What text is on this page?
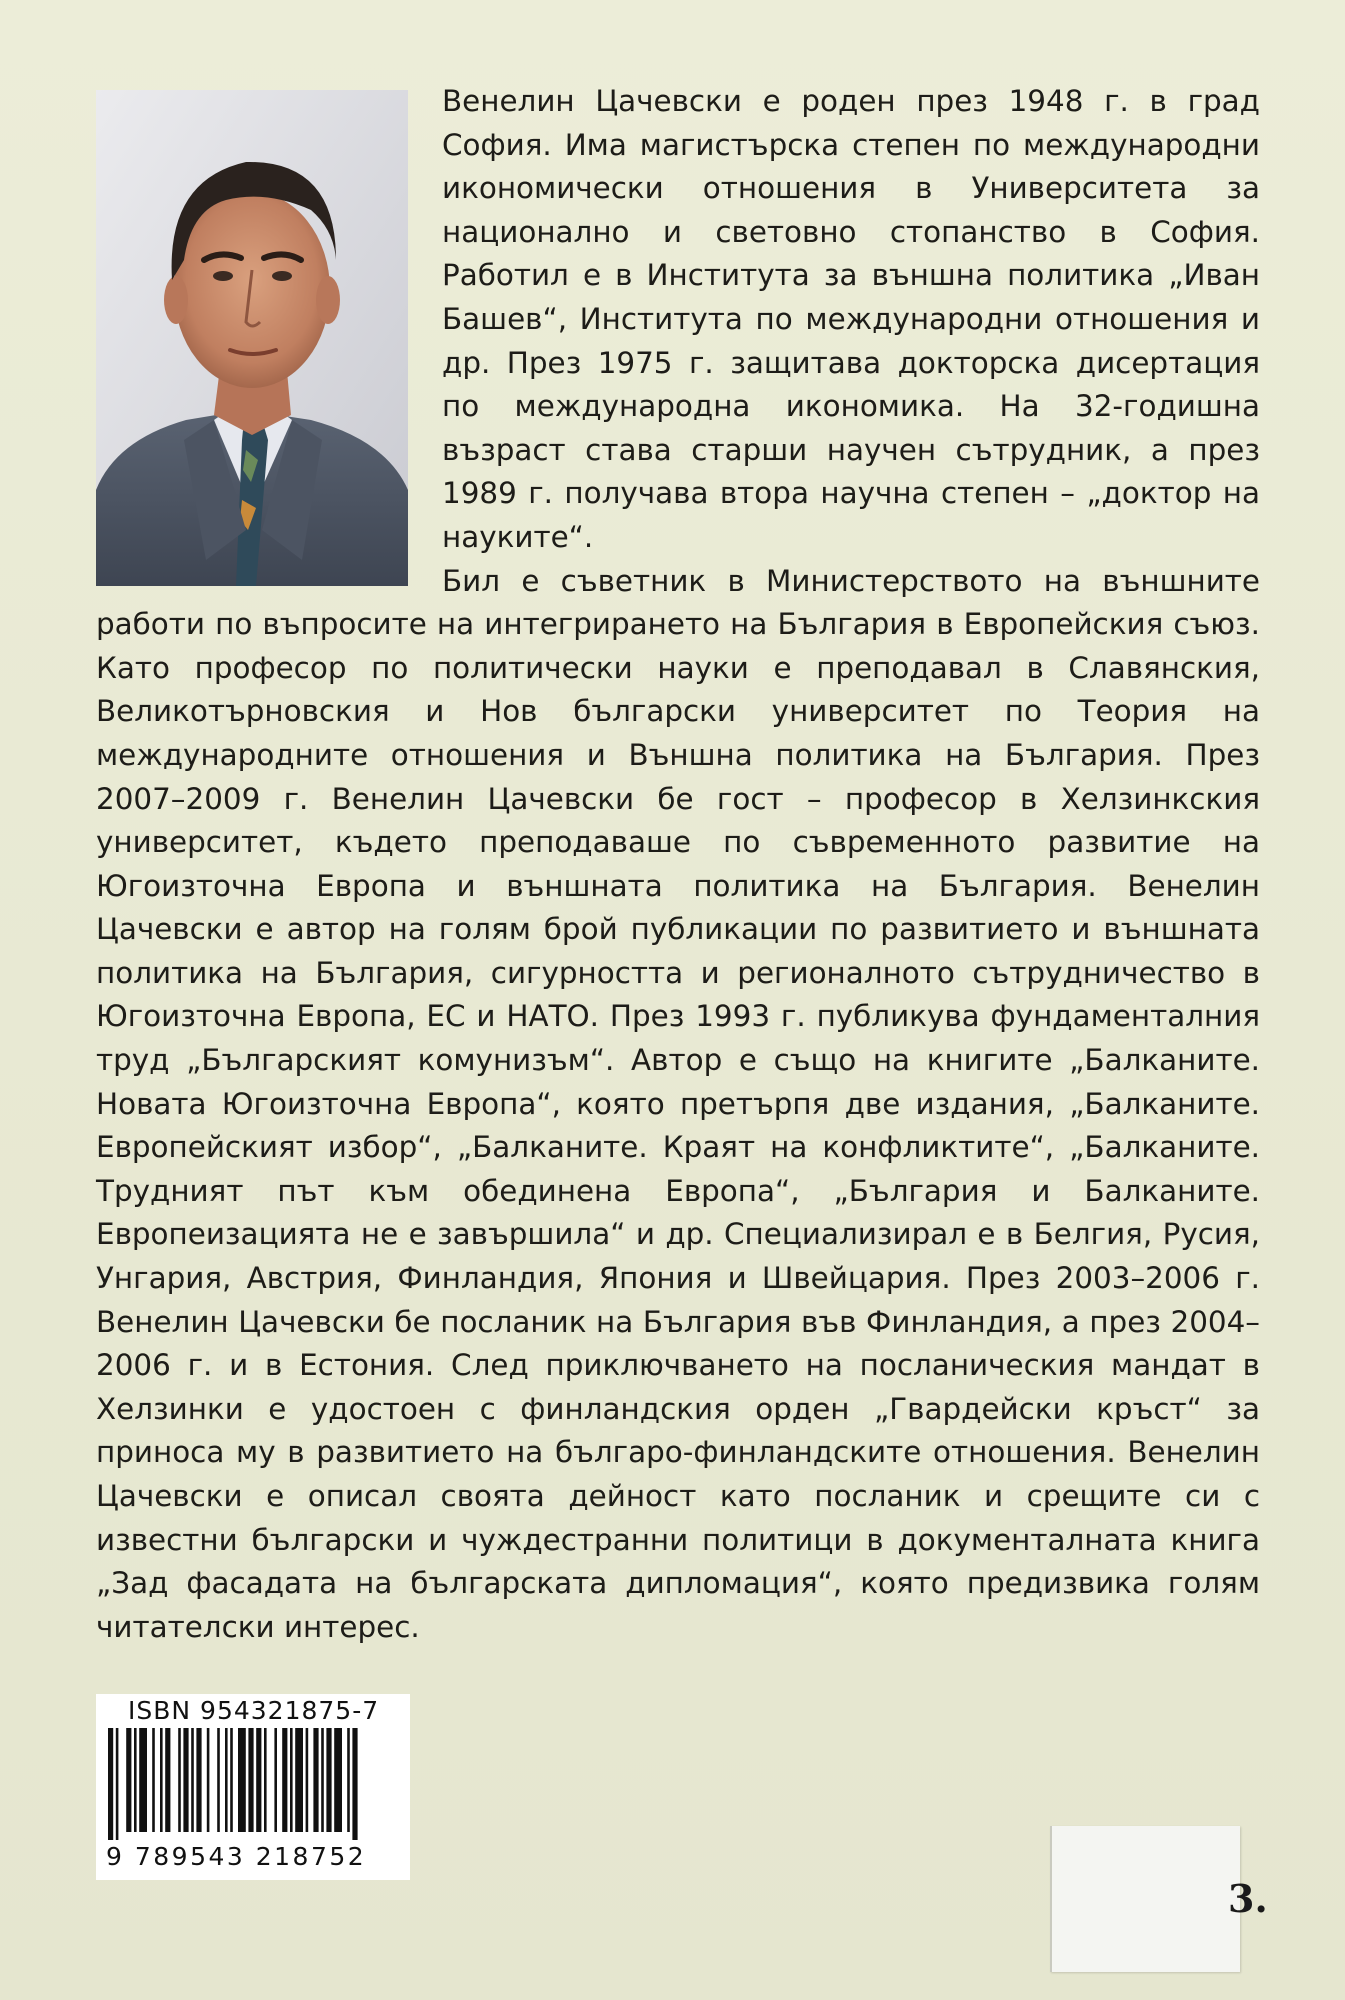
Венелин Цачевски е роден през 1948 г. в град София. Има магистърска степен по международни икономически отношения в Университета за национално и световно стопанство в София. Работил е в Института за външна политика „Иван Башев“, Института по международни отношения и др. През 1975 г. защитава докторска дисертация по международна икономика. На 32-годишна възраст става старши научен сътрудник, а през 1989 г. получава втора научна степен – „доктор на науките“.

Бил е съветник в Министерството на външните работи по въпросите на интегрирането на България в Европейския съюз. Като професор по политически науки е преподавал в Славянския, Великотърновския и Нов български университет по Теория на международните отношения и Външна политика на България. През 2007–2009 г. Венелин Цачевски бе гост – професор в Хелзинкския университет, където преподаваше по съвременното развитие на Югоизточна Европа и външната политика на България. Венелин Цачевски е автор на голям брой публикации по развитието и външната политика на България, сигурността и регионалното сътрудничество в Югоизточна Европа, ЕС и НАТО. През 1993 г. публикува фундаменталния труд „Българският комунизъм“. Автор е също на книгите „Балканите. Новата Югоизточна Европа“, която претърпя две издания, „Балканите. Европейският избор“, „Балканите. Краят на конфликтите“, „Балканите. Трудният път към обединена Европа“, „България и Балканите. Европеизацията не е завършила“ и др. Специализирал е в Белгия, Русия, Унгария, Австрия, Финландия, Япония и Швейцария. През 2003–2006 г. Венелин Цачевски бе посланик на България във Финландия, а през 2004–2006 г. и в Естония. След приключването на посланическия мандат в Хелзинки е удостоен с финландския орден „Гвардейски кръст“ за приноса му в развитието на българо-финландските отношения. Венелин Цачевски е описал своята дейност като посланик и срещите си с известни български и чуждестранни политици в документалната книга „Зад фасадата на българската дипломация“, която предизвика голям читателски интерес.

ISBN 954321875-7
9 789543 218752
3.
